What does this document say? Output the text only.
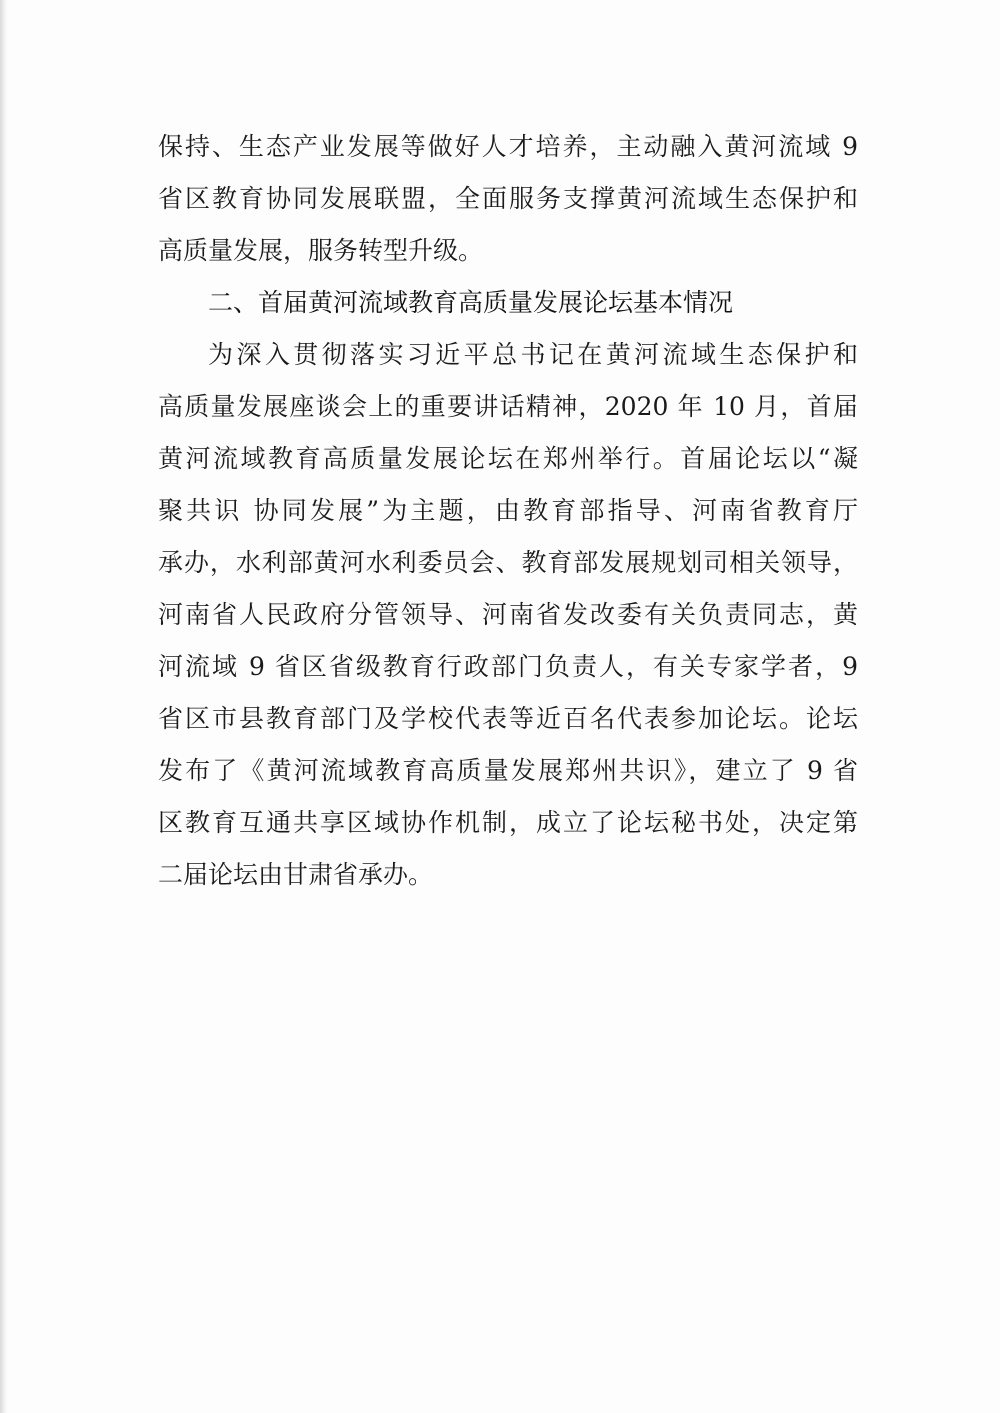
保持、生态产业发展等做好人才培养，主动融入黄河流域 9
省区教育协同发展联盟，全面服务支撑黄河流域生态保护和
高质量发展，服务转型升级。
二、首届黄河流域教育高质量发展论坛基本情况
为深入贯彻落实习近平总书记在黄河流域生态保护和
高质量发展座谈会上的重要讲话精神，2020 年 10 月，首届
黄河流域教育高质量发展论坛在郑州举行。首届论坛以“凝
聚共识 协同发展”为主题，由教育部指导、河南省教育厅
承办，水利部黄河水利委员会、教育部发展规划司相关领导，
河南省人民政府分管领导、河南省发改委有关负责同志，黄
河流域 9 省区省级教育行政部门负责人，有关专家学者，9
省区市县教育部门及学校代表等近百名代表参加论坛。论坛
发布了《黄河流域教育高质量发展郑州共识》，建立了 9 省
区教育互通共享区域协作机制，成立了论坛秘书处，决定第
二届论坛由甘肃省承办。
